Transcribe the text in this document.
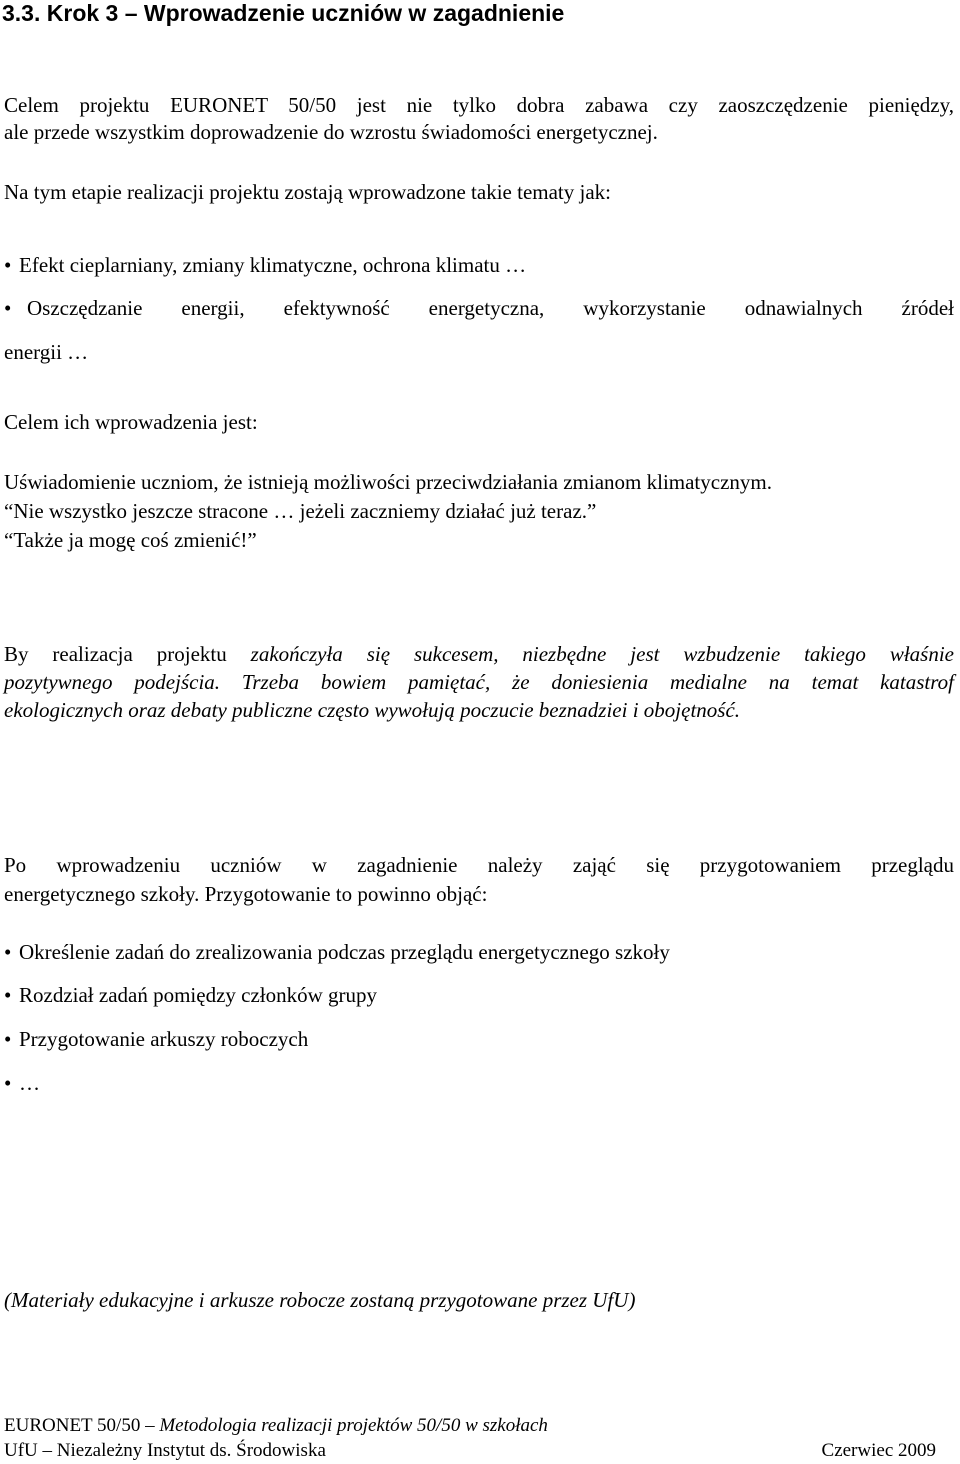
3.3. Krok 3 – Wprowadzenie uczniów w zagadnienie
Celem projektu EURONET 50/50 jest nie tylko dobra zabawa czy zaoszczędzenie pieniędzy,
ale przede wszystkim doprowadzenie do wzrostu świadomości energetycznej.
Na tym etapie realizacji projektu zostają wprowadzone takie tematy jak:
• Efekt cieplarniany, zmiany klimatyczne, ochrona klimatu …
• Oszczędzanie energii, efektywność energetyczna, wykorzystanie odnawialnych źródeł
energii …
Celem ich wprowadzenia jest:
Uświadomienie uczniom, że istnieją możliwości przeciwdziałania zmianom klimatycznym.
“Nie wszystko jeszcze stracone … jeżeli zaczniemy działać już teraz.”
“Także ja mogę coś zmienić!”
By realizacja projektu zakończyła się sukcesem, niezbędne jest wzbudzenie takiego właśnie
pozytywnego podejścia. Trzeba bowiem pamiętać, że doniesienia medialne na temat katastrof
ekologicznych oraz debaty publiczne często wywołują poczucie beznadziei i obojętność.
Po wprowadzeniu uczniów w zagadnienie należy zająć się przygotowaniem przeglądu
energetycznego szkoły. Przygotowanie to powinno objąć:
• Określenie zadań do zrealizowania podczas przeglądu energetycznego szkoły
• Rozdział zadań pomiędzy członków grupy
• Przygotowanie arkuszy roboczych
• …
(Materiały edukacyjne i arkusze robocze zostaną przygotowane przez UfU)
EURONET 50/50 – Metodologia realizacji projektów 50/50 w szkołach
UfU – Niezależny Instytut ds. Środowiska	Czerwiec 2009
